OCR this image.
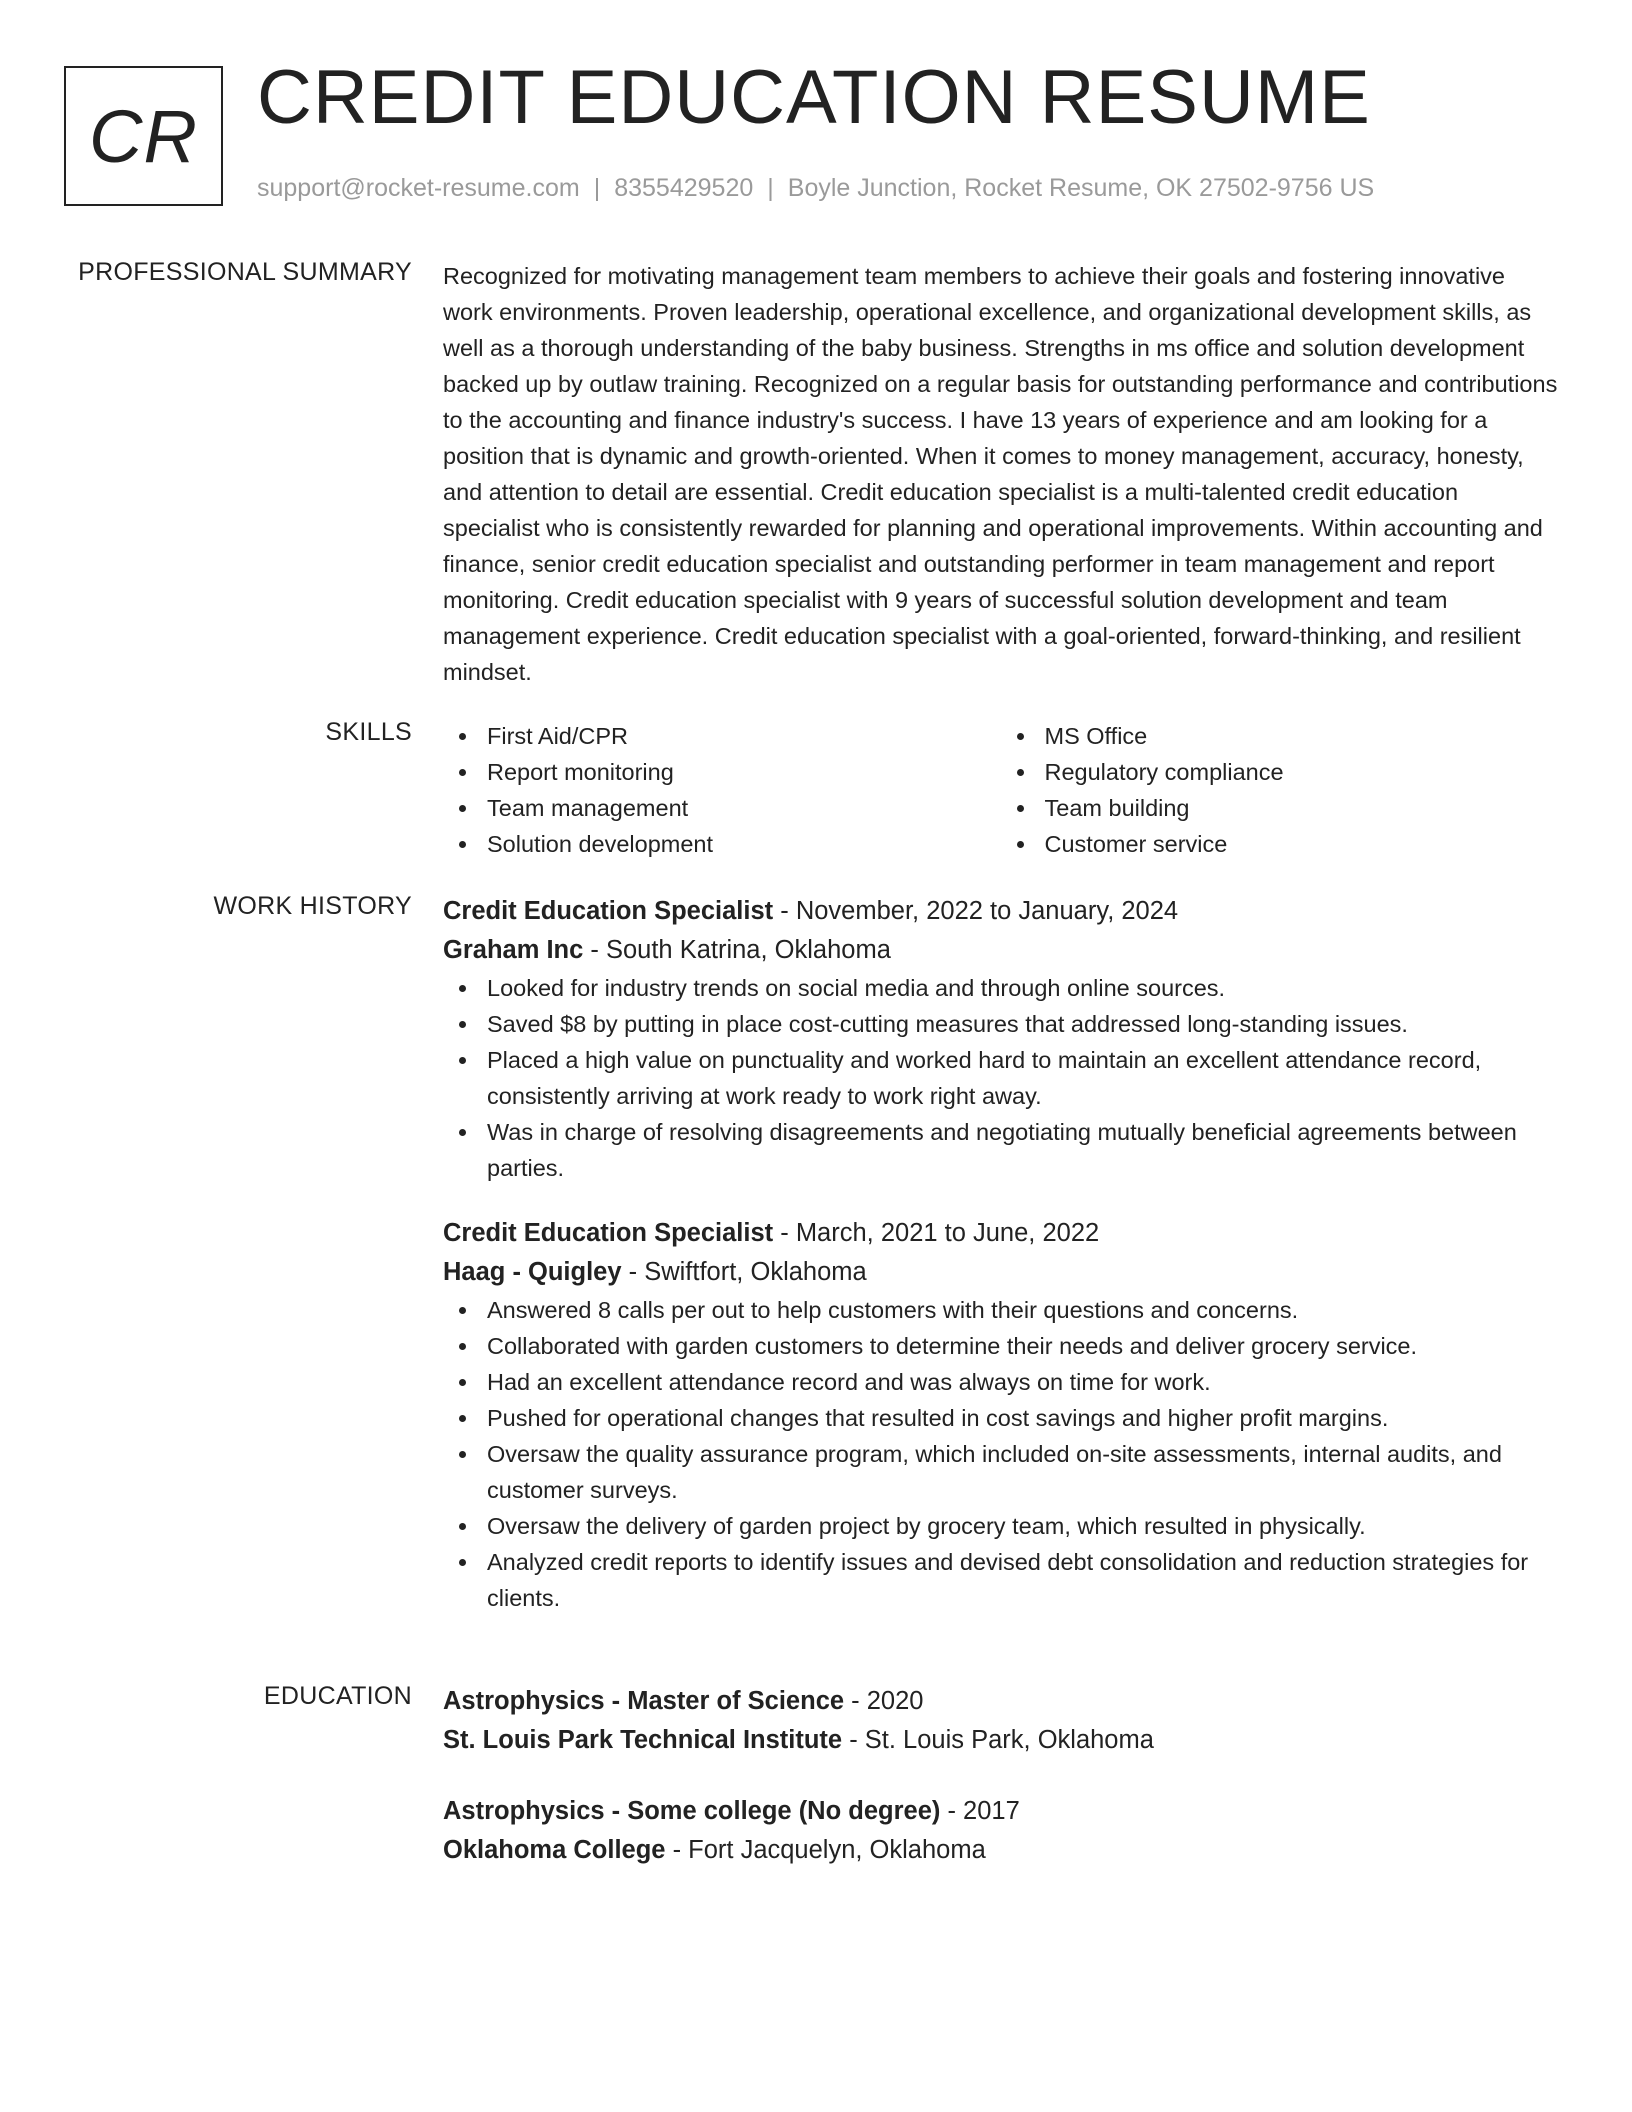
CR CREDIT EDUCATION RESUME
support@rocket-resume.com | 8355429520 | Boyle Junction, Rocket Resume, OK 27502-9756 US
PROFESSIONAL SUMMARY Recognized for motivating management team members to achieve their goals and fostering innovative work environments. Proven leadership, operational excellence, and organizational development skills, as well as a thorough understanding of the baby business. Strengths in ms office and solution development backed up by outlaw training. Recognized on a regular basis for outstanding performance and contributions to the accounting and finance industry's success. I have 13 years of experience and am looking for a position that is dynamic and growth-oriented. When it comes to money management, accuracy, honesty, and attention to detail are essential. Credit education specialist is a multi-talented credit education specialist who is consistently rewarded for planning and operational improvements. Within accounting and finance, senior credit education specialist and outstanding performer in team management and report monitoring. Credit education specialist with 9 years of successful solution development and team management experience. Credit education specialist with a goal-oriented, forward-thinking, and resilient mindset.

SKILLS	First Aid/CPR
Report monitoring
Team management
Solution development
MS Office
Regulatory compliance
Team building
Customer service
WORK HISTORY Credit Education Specialist - November, 2022 to January, 2024
Graham Inc - South Katrina, Oklahoma
Looked for industry trends on social media and through online sources.
Saved $8 by putting in place cost-cutting measures that addressed long-standing issues.
Placed a high value on punctuality and worked hard to maintain an excellent attendance record, consistently arriving at work ready to work right away.
Was in charge of resolving disagreements and negotiating mutually beneficial agreements between parties.
Credit Education Specialist - March, 2021 to June, 2022
Haag - Quigley - Swiftfort, Oklahoma
Answered 8 calls per out to help customers with their questions and concerns.
Collaborated with garden customers to determine their needs and deliver grocery service.
Had an excellent attendance record and was always on time for work.
Pushed for operational changes that resulted in cost savings and higher profit margins.
Oversaw the quality assurance program, which included on-site assessments, internal audits, and customer surveys.
Oversaw the delivery of garden project by grocery team, which resulted in physically.
Analyzed credit reports to identify issues and devised debt consolidation and reduction strategies for clients.
EDUCATION Astrophysics - Master of Science - 2020
St. Louis Park Technical Institute - St. Louis Park, Oklahoma
Astrophysics - Some college (No degree) - 2017
Oklahoma College - Fort Jacquelyn, Oklahoma
